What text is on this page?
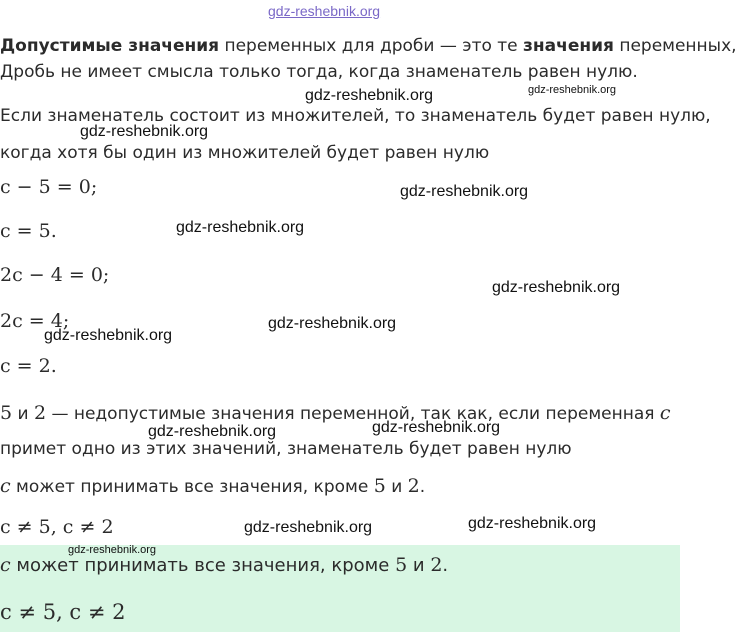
gdz-reshebnik.org
Допустимые значения переменных для дроби — это те значения переменных,
Дробь не имеет смысла только тогда, когда знаменатель равен нулю.
gdz-reshebnik.org	gdz-reshebnik.org
Если знаменатель состоит из множителей, то знаменатель будет равен нулю,
gdz-reshebnik.org
когда хотя бы один из множителей будет равен нулю
c − 5 = 0;	gdz-reshebnik.org
c = 5.	gdz-reshebnik.org
2c − 4 = 0;
gdz-reshebnik.org
2c = 4;	gdz-reshebnik.org
gdz-reshebnik.org
c = 2.
5 и 2 — недопустимые значения переменной, так как, если переменная c
gdz-reshebnik.org	gdz-reshebnik.org
примет одно из этих значений, знаменатель будет равен нулю
c может принимать все значения, кроме 5 и 2.
c ≠ 5, c ≠ 2	gdz-reshebnik.org	gdz-reshebnik.org
gdz-reshebnik.org
c может принимать все значения, кроме 5 и 2.
c ≠ 5, c ≠ 2
